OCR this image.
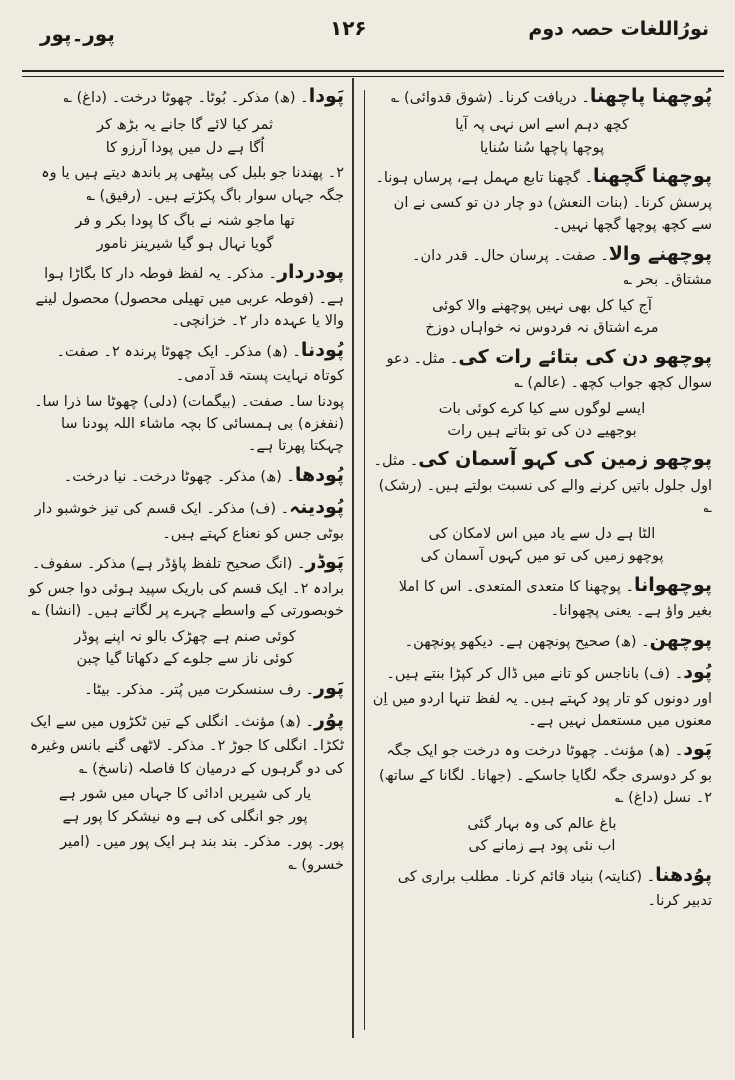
پور۔پور	۱۲۶	نورُاللغات حصہ دوم
پُوچھنا پاچھنا۔ دریافت کرنا۔ (شوق قدوائی) ؎
کچھ دہم اسے اس نہی پہ آیا
پوچھا پاچھا سُنا سُنایا
پوچھنا گچھنا۔ گچھنا تابع مہمل ہے، پرساں ہونا۔ پرسش کرنا۔ (بنات النعش) دو چار دن تو کسی نے ان سے کچھ پوچھا گچھا نہیں۔
پوچھنے والا۔ صفت۔ پرسان حال۔ قدر دان۔ مشتاق۔ بحر ؎
آج کیا کل بھی نہیں پوچھنے والا کوئی
مرے اشتاق نہ فردوس نہ خواہاں دوزخ
پوچھو دن کی بتائے رات کی۔ مثل۔ دعو سوال کچھ جواب کچھ۔ (عالم) ؎
ایسے لوگوں سے کیا کرے کوئی بات
بوجھیے دن کی تو بتاتے ہیں رات
پوچھو زمین کی کہو آسمان کی۔ مثل۔ اول جلول باتیں کرنے والے کی نسبت بولتے ہیں۔ (رشک) ؎
الٹا ہے دل سے یاد میں اس لامکان کی
پوچھو زمیں کی تو میں کہوں آسمان کی
پوچھوانا۔ پوچھنا کا متعدی المتعدی۔ اس کا املا بغیر واؤ ہے۔ یعنی پچھوانا۔
پوچھن۔ (ھ) صحیح پونچھن ہے۔ دیکھو پونچھن۔
پُود۔ (ف) باناجس کو تانے میں ڈال کر کپڑا بنتے ہیں۔ اور دونوں کو تار پود کہتے ہیں۔ یہ لفظ تنہا اردو میں اِن معنوں میں مستعمل نہیں ہے۔
پَود۔ (ھ) مؤنث۔ چھوٹا درخت وہ درخت جو ایک جگہ بو کر دوسری جگہ لگایا جاسکے۔ (جھانا۔ لگانا کے ساتھ) ۲۔ نسل (داغ) ؎
باغ عالم کی وہ بہار گئی
اب نئی پود ہے زمانے کی
پوُدھنا۔ (کنایتہ) بنیاد قائم کرنا۔ مطلب براری کی تدبیر کرنا۔
پَودا۔ (ھ) مذکر۔ بُوٹا۔ چھوٹا درخت۔ (داغ) ؎
ثمر کیا لائے گا جانے یہ بڑھ کر
اُگا ہے دل میں پودا آرزو کا
۲۔ پھندنا جو بلبل کی پیٹھی پر باندھ دیتے ہیں یا وہ جگہ جہاں سوار باگ پکڑتے ہیں۔ (رفیق) ؎
تھا ماجو شنہ نے باگ کا پودا بکر و فر
گویا نہال ہو گیا شیرینز نامور
پودردار۔ مذکر۔ یہ لفظ فوطہ دار کا بگاڑا ہوا ہے۔ (فوطہ عربی میں تھیلی محصول) محصول لینے والا یا عہدہ دار ۲۔ خزانچی۔
پُودنا۔ (ھ) مذکر۔ ایک چھوٹا پرندہ ۲۔ صفت۔ کوتاہ نہایت پستہ قد آدمی۔
پودنا سا۔ صفت۔ (بیگمات) (دلی) چھوٹا سا ذرا سا۔ (نفغزہ) بی ہمسائی کا بچہ ماشاء اللہ پودنا سا چہکتا پھرتا ہے۔
پُودھا۔ (ھ) مذکر۔ چھوٹا درخت۔ نیا درخت۔
پُودینہ۔ (ف) مذکر۔ ایک قسم کی تیز خوشبو دار بوٹی جس کو نعناع کہتے ہیں۔
پَوڈر۔ (انگ صحیح تلفظ پاؤڈر ہے) مذکر۔ سفوف۔ برادہ ۲۔ ایک قسم کی باریک سپید ہوئی دوا جس کو خوبصورتی کے واسطے چہرے پر لگاتے ہیں۔ (انشا) ؎
کوئی صنم ہے چھڑک بالو نہ اپنے پوڈر
کوئی ناز سے جلوے کے دکھاتا گیا چبن
پَور۔ رف سنسکرت میں پُتر۔ مذکر۔ بیٹا۔
پوُر۔ (ھ) مؤنث۔ انگلی کے تین ٹکڑوں میں سے ایک ٹکڑا۔ انگلی کا جوڑ ۲۔ مذکر۔ لاٹھی گنے بانس وغیرہ کی دو گرہوں کے درمیان کا فاصلہ (ناسخ) ؎
یار کی شیریں ادائی کا جہاں میں شور ہے
پور جو انگلی کی ہے وہ نیشکر کا پور ہے
پور۔ پور۔ مذکر۔ بند بند ہر ایک پور میں۔ (امیر خسرو) ؎
